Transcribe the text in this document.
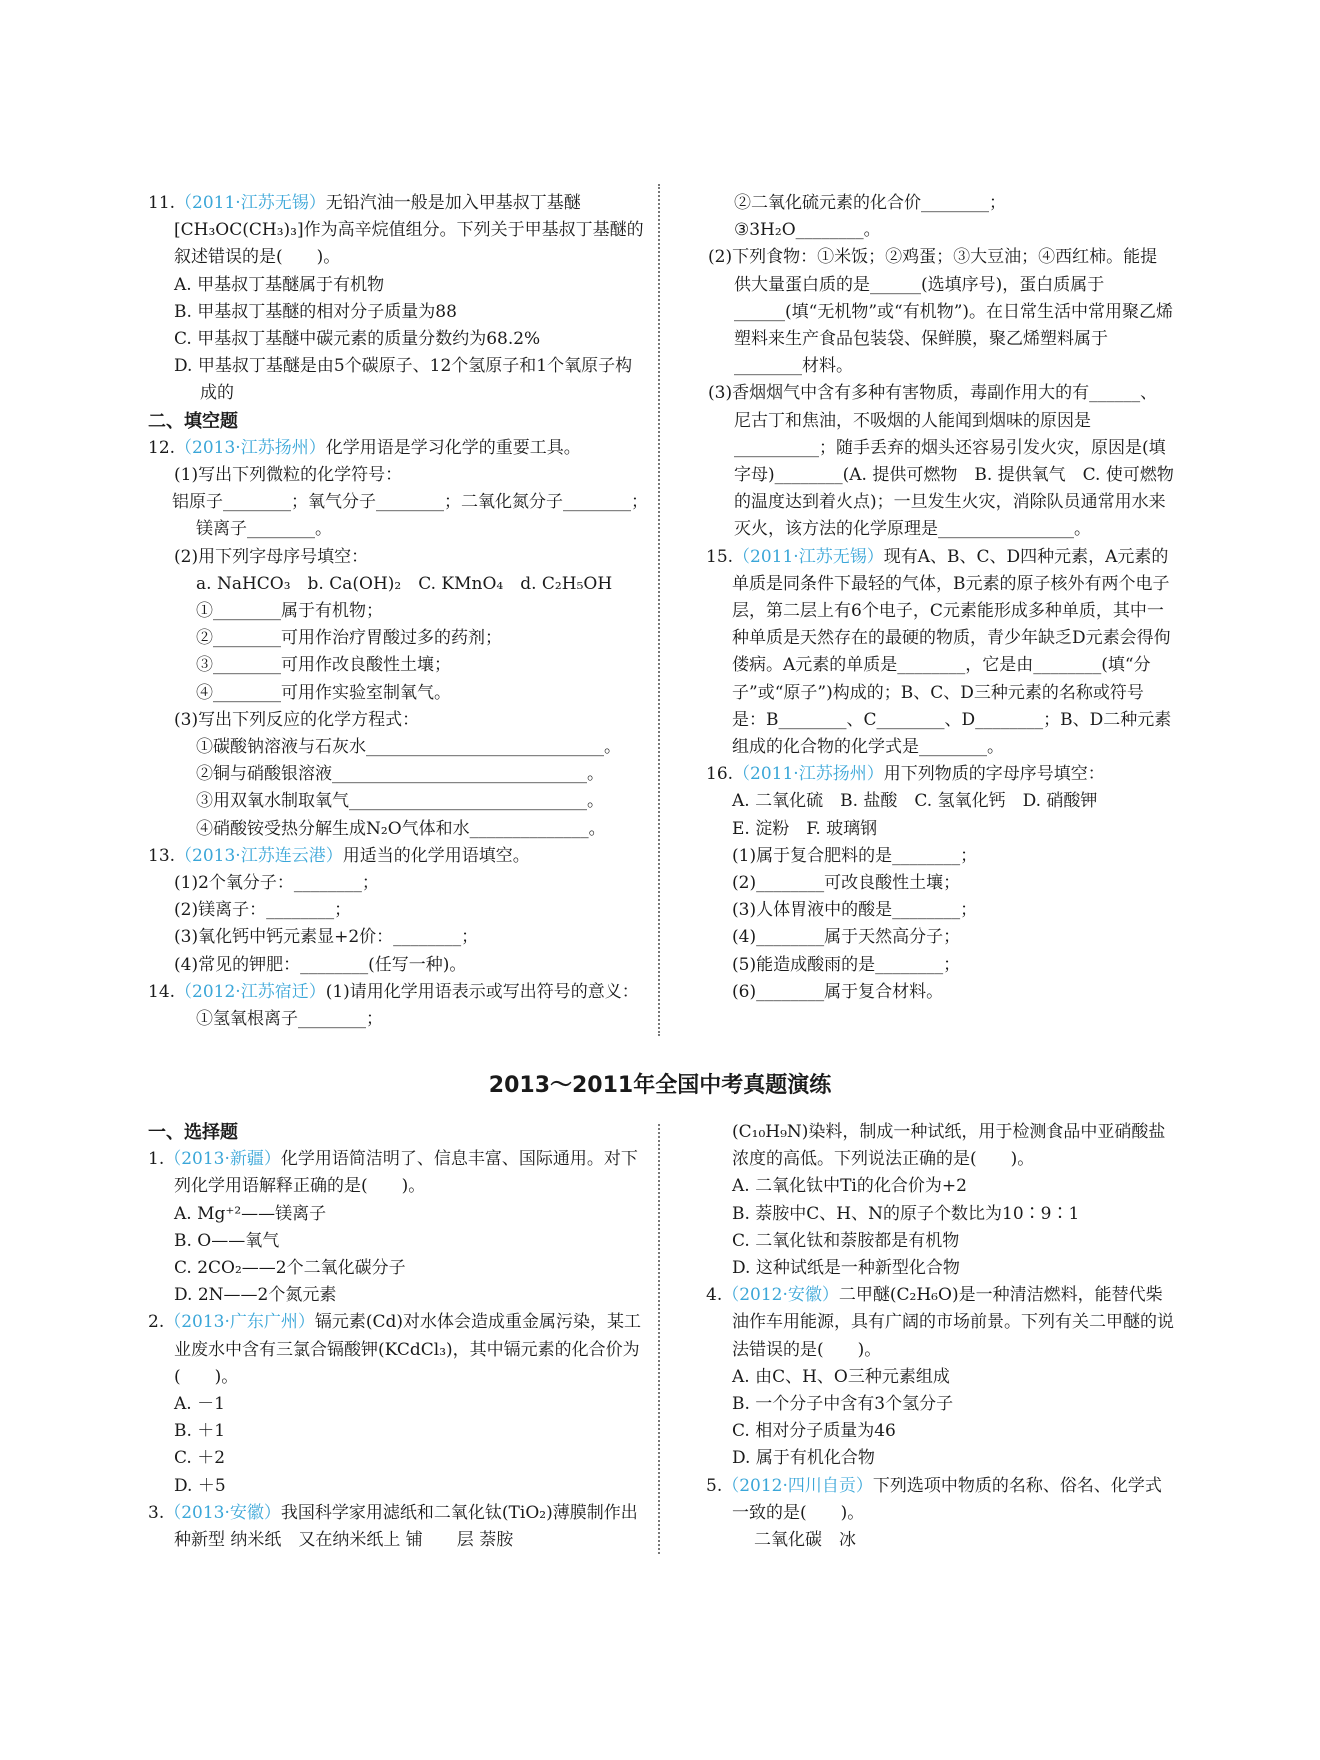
11.（2011·江苏无锡）无铅汽油一般是加入甲基叔丁基醚[CH₃OC(CH₃)₃]作为高辛烷值组分。下列关于甲基叔丁基醚的叙述错误的是(　　)。

A. 甲基叔丁基醚属于有机物

B. 甲基叔丁基醚的相对分子质量为88

C. 甲基叔丁基醚中碳元素的质量分数约为68.2%

D. 甲基叔丁基醚是由5个碳原子、12个氢原子和1个氧原子构成的

二、填空题

12.（2013·江苏扬州）化学用语是学习化学的重要工具。

(1)写出下列微粒的化学符号：

铝原子________；氧气分子________；二氧化氮分子________；镁离子________。

(2)用下列字母序号填空：

a. NaHCO₃　b. Ca(OH)₂　C. KMnO₄　d. C₂H₅OH

①________属于有机物；

②________可用作治疗胃酸过多的药剂；

③________可用作改良酸性土壤；

④________可用作实验室制氧气。

(3)写出下列反应的化学方程式：

①碳酸钠溶液与石灰水____________________________。

②铜与硝酸银溶液______________________________。

③用双氧水制取氧气____________________________。

④硝酸铵受热分解生成N₂O气体和水______________。

13.（2013·江苏连云港）用适当的化学用语填空。

(1)2个氧分子：________；

(2)镁离子：________；

(3)氧化钙中钙元素显+2价：________；

(4)常见的钾肥：________(任写一种)。

14.（2012·江苏宿迁）(1)请用化学用语表示或写出符号的意义：

①氢氧根离子________；

②二氧化硫元素的化合价________；

③3H₂O________。

(2)下列食物：①米饭；②鸡蛋；③大豆油；④西红柿。能提供大量蛋白质的是______(选填序号)，蛋白质属于______(填“无机物”或“有机物”)。在日常生活中常用聚乙烯塑料来生产食品包装袋、保鲜膜，聚乙烯塑料属于________材料。

(3)香烟烟气中含有多种有害物质，毒副作用大的有______、尼古丁和焦油，不吸烟的人能闻到烟味的原因是__________；随手丢弃的烟头还容易引发火灾，原因是(填字母)________(A. 提供可燃物　B. 提供氧气　C. 使可燃物的温度达到着火点)；一旦发生火灾，消除队员通常用水来灭火，该方法的化学原理是________________。

15.（2011·江苏无锡）现有A、B、C、D四种元素，A元素的单质是同条件下最轻的气体，B元素的原子核外有两个电子层，第二层上有6个电子，C元素能形成多种单质，其中一种单质是天然存在的最硬的物质，青少年缺乏D元素会得佝偻病。A元素的单质是________，它是由________(填“分子”或“原子”)构成的；B、C、D三种元素的名称或符号是：B________、C________、D________；B、D二种元素组成的化合物的化学式是________。

16.（2011·江苏扬州）用下列物质的字母序号填空：

A. 二氧化硫　B. 盐酸　C. 氢氧化钙　D. 硝酸钾

E. 淀粉　F. 玻璃钢

(1)属于复合肥料的是________；

(2)________可改良酸性土壤；

(3)人体胃液中的酸是________；

(4)________属于天然高分子；

(5)能造成酸雨的是________；

(6)________属于复合材料。

2013～2011年全国中考真题演练

一、选择题

1.（2013·新疆）化学用语简洁明了、信息丰富、国际通用。对下列化学用语解释正确的是(　　)。

A. Mg⁺²——镁离子

B. O——氧气

C. 2CO₂——2个二氧化碳分子

D. 2N——2个氮元素

2.（2013·广东广州）镉元素(Cd)对水体会造成重金属污染，某工业废水中含有三氯合镉酸钾(KCdCl₃)，其中镉元素的化合价为(　　)。

A. －1

B. ＋1

C. ＋2

D. ＋5

3.（2013·安徽）我国科学家用滤纸和二氧化钛(TiO₂)薄膜制作出 种新型 纳米纸　又在纳米纸上 铺　　层 萘胺

(C₁₀H₉N)染料，制成一种试纸，用于检测食品中亚硝酸盐浓度的高低。下列说法正确的是(　　)。

A. 二氧化钛中Ti的化合价为+2

B. 萘胺中C、H、N的原子个数比为10∶9∶1

C. 二氧化钛和萘胺都是有机物

D. 这种试纸是一种新型化合物

4.（2012·安徽）二甲醚(C₂H₆O)是一种清洁燃料，能替代柴油作车用能源，具有广阔的市场前景。下列有关二甲醚的说法错误的是(　　)。

A. 由C、H、O三种元素组成

B. 一个分子中含有3个氢分子

C. 相对分子质量为46

D. 属于有机化合物

5.（2012·四川自贡）下列选项中物质的名称、俗名、化学式一致的是(　　)。

二氧化碳　冰
